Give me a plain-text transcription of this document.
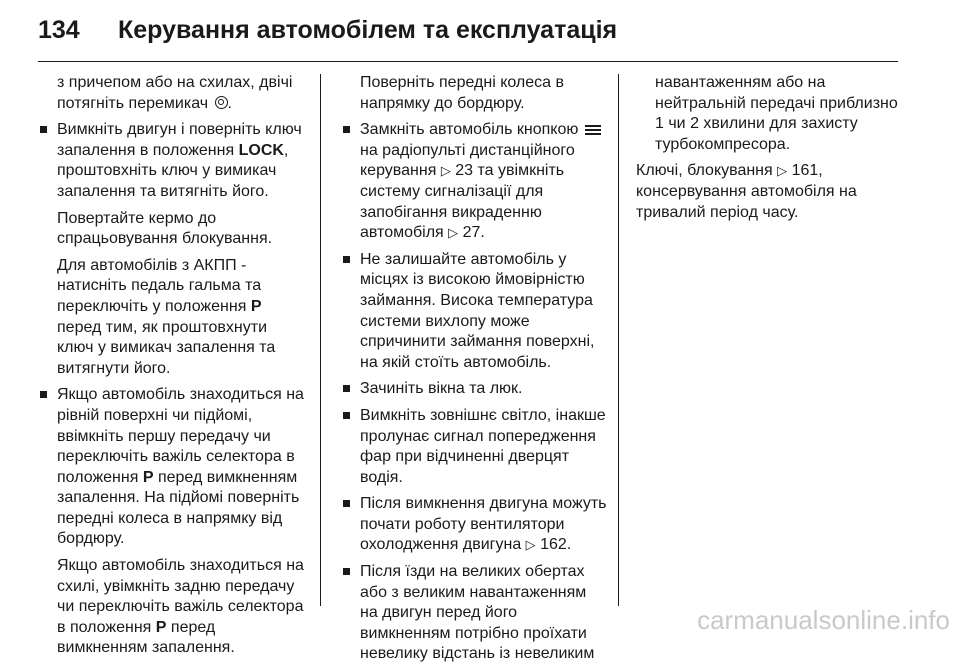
134	Керування автомобілем та експлуатація
з причепом або на схилах, двічі потягніть перемикач .
Вимкніть двигун і поверніть ключ запалення в положення LOCK, проштовхніть ключ у вимикач запалення та витягніть його.
Повертайте кермо до спрацьовування блокування.
Для автомобілів з АКПП - натисніть педаль гальма та переключіть у положення P перед тим, як проштовхнути ключ у вимикач запалення та витягнути його.
Якщо автомобіль знаходиться на рівній поверхні чи підйомі, ввімкніть першу передачу чи переключіть важіль селектора в положення P перед вимкненням запалення. На підйомі поверніть передні колеса в напрямку від бордюру.
Якщо автомобіль знаходиться на схилі, увімкніть задню передачу чи переключіть важіль селектора в положення P перед вимкненням запалення.
Поверніть передні колеса в напрямку до бордюру.
Замкніть автомобіль кнопкою  на радіопульті дистанційного керування ▷ 23 та увімкніть систему сигналізації для запобігання викраденню автомобіля ▷ 27.
Не залишайте автомобіль у місцях із високою ймовірністю займання. Висока температура системи вихлопу може спричинити займання поверхні, на якій стоїть автомобіль.
Зачиніть вікна та люк.
Вимкніть зовнішнє світло, інакше пролунає сигнал попередження фар при відчиненні дверцят водія.
Після вимкнення двигуна можуть почати роботу вентилятори охолодження двигуна ▷ 162.
Після їзди на великих обертах або з великим навантаженням на двигун перед його вимкненням потрібно проїхати невелику відстань із невеликим
навантаженням або на нейтральній передачі приблизно 1 чи 2 хвилини для захисту турбокомпресора.
Ключі, блокування ▷ 161, консервування автомобіля на тривалий період часу.
carmanualsonline.info
